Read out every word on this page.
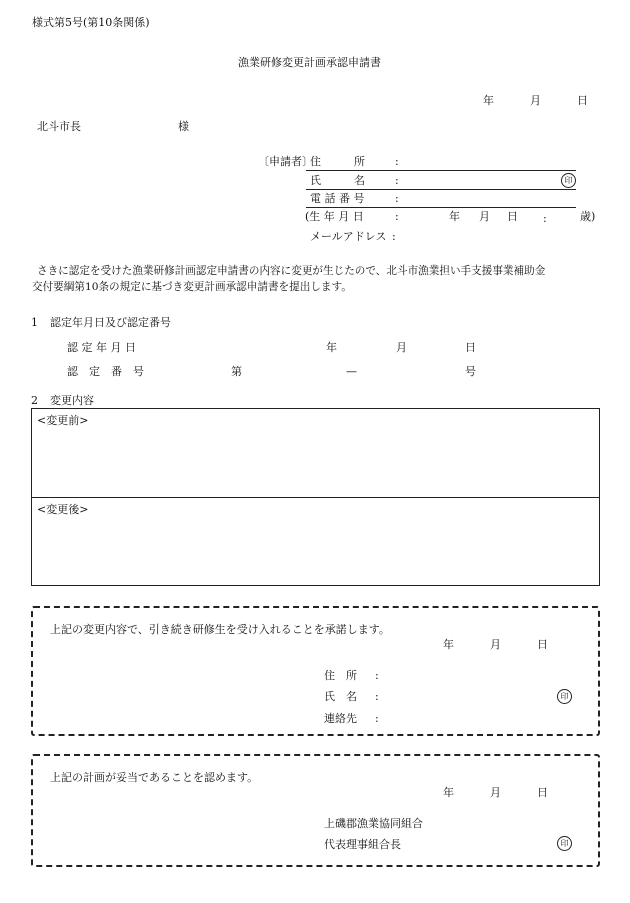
様式第5号(第10条関係)
漁業研修変更計画承認申請書
年	月	日
北斗市長	様
〔申請者〕
住　　　所	:
氏　　　名	:	印
電 話 番 号	:
(生 年 月 日	:	年 月 日 :	歳)
メールアドレス :
さきに認定を受けた漁業研修計画認定申請書の内容に変更が生じたので、北斗市漁業担い手支援事業補助金
交付要綱第10条の規定に基づき変更計画承認申請書を提出します。
1 認定年月日及び認定番号
認 定 年 月 日	年	月	日
認　定　番　号	第	—	号
2 変更内容
<変更前>
<変更後>
上記の変更内容で、引き続き研修生を受け入れることを承諾します。
年	月	日
住　所 :
氏　名 :	印
連絡先 :
上記の計画が妥当であることを認めます。
年	月	日
上磯郡漁業協同組合
代表理事組合長	印
